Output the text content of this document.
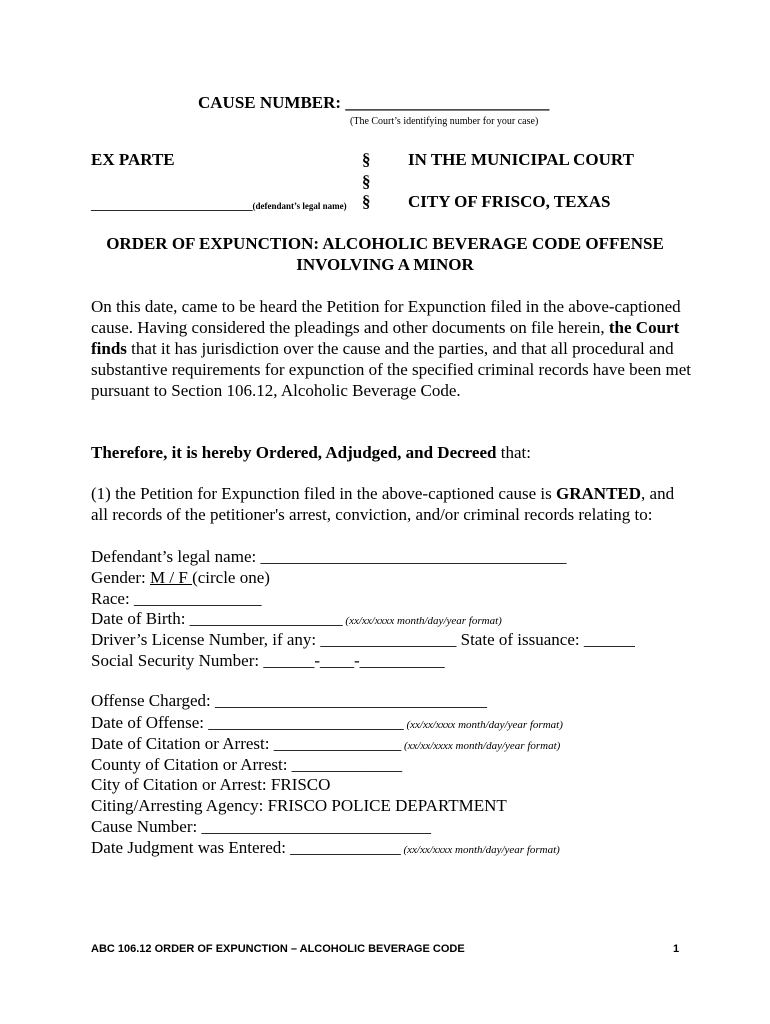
CAUSE NUMBER: ________________________
(The Court’s identifying number for your case)
EX PARTE	§
§
§
IN THE MUNICIPAL COURT
CITY OF FRISCO, TEXAS
___________________(defendant’s legal name)
ORDER OF EXPUNCTION: ALCOHOLIC BEVERAGE CODE OFFENSE INVOLVING A MINOR
On this date, came to be heard the Petition for Expunction filed in the above-captioned cause. Having considered the pleadings and other documents on file herein, the Court finds that it has jurisdiction over the cause and the parties, and that all procedural and substantive requirements for expunction of the specified criminal records have been met pursuant to Section 106.12, Alcoholic Beverage Code.
Therefore, it is hereby Ordered, Adjudged, and Decreed that:
(1) the Petition for Expunction filed in the above-captioned cause is GRANTED, and all records of the petitioner's arrest, conviction, and/or criminal records relating to:
Defendant’s legal name: ____________________________________
Gender: M / F (circle one)
Race: _______________
Date of Birth: __________________ (xx/xx/xxxx month/day/year format)
Driver’s License Number, if any: ________________ State of issuance: ______
Social Security Number: ______-____-__________
Offense Charged: ________________________________
Date of Offense: _______________________ (xx/xx/xxxx month/day/year format)
Date of Citation or Arrest: _______________ (xx/xx/xxxx month/day/year format)
County of Citation or Arrest: _____________
City of Citation or Arrest: FRISCO
Citing/Arresting Agency: FRISCO POLICE DEPARTMENT
Cause Number: ___________________________
Date Judgment was Entered: _____________ (xx/xx/xxxx month/day/year format)
ABC 106.12 ORDER OF EXPUNCTION – ALCOHOLIC BEVERAGE CODE	1
